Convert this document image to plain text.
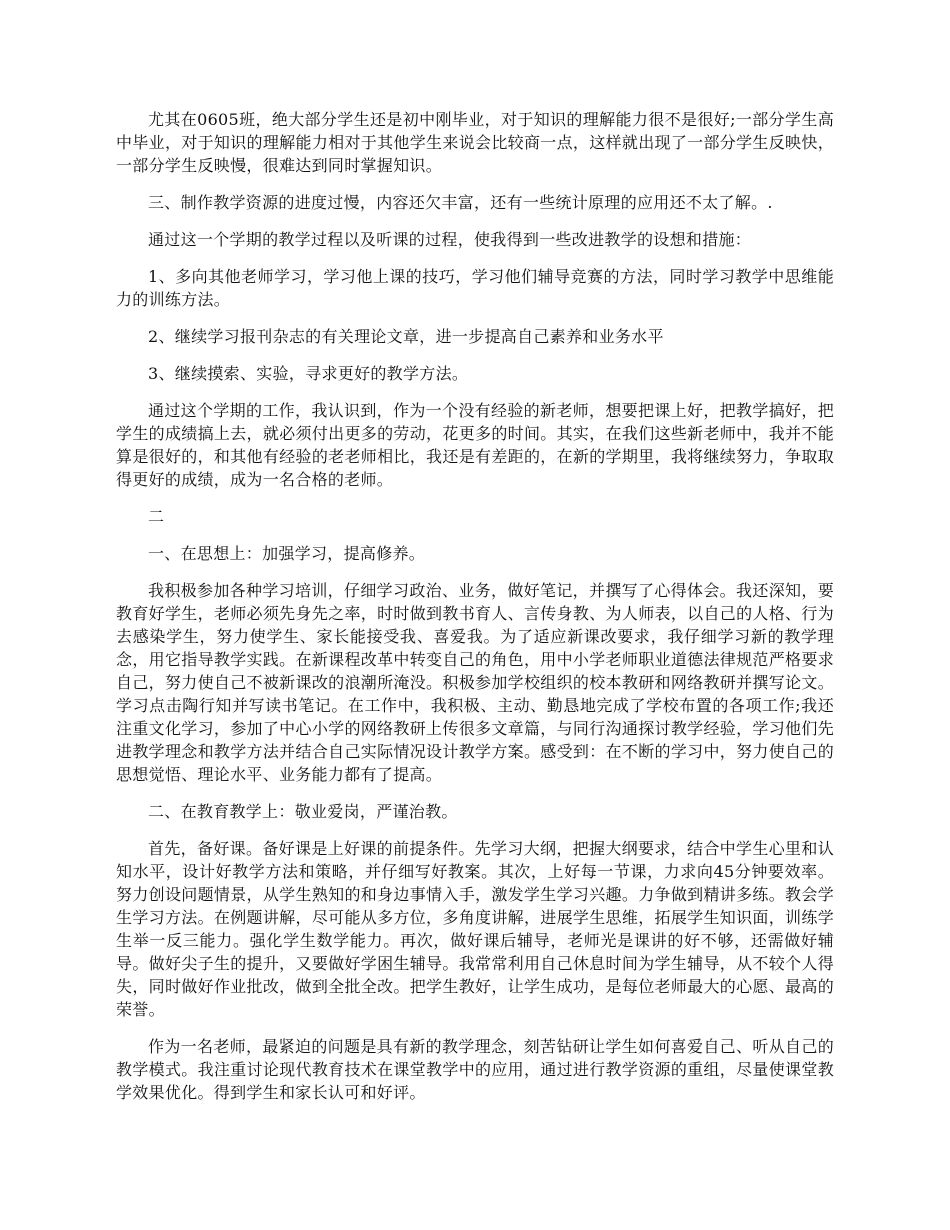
尤其在0605班，绝大部分学生还是初中刚毕业，对于知识的理解能力很不是很好;一部分学生高中毕业，对于知识的理解能力相对于其他学生来说会比较商一点，这样就出现了一部分学生反映快，一部分学生反映慢，很难达到同时掌握知识。

三、制作教学资源的进度过慢，内容还欠丰富，还有一些统计原理的应用还不太了解。.

通过这一个学期的教学过程以及听课的过程，使我得到一些改进教学的设想和措施：

1、多向其他老师学习，学习他上课的技巧，学习他们辅导竞赛的方法，同时学习教学中思维能力的训练方法。

2、继续学习报刊杂志的有关理论文章，进一步提高自己素养和业务水平

3、继续摸索、实验，寻求更好的教学方法。

通过这个学期的工作，我认识到，作为一个没有经验的新老师，想要把课上好，把教学搞好，把学生的成绩搞上去，就必须付出更多的劳动，花更多的时间。其实，在我们这些新老师中，我并不能算是很好的，和其他有经验的老老师相比，我还是有差距的，在新的学期里，我将继续努力，争取取得更好的成绩，成为一名合格的老师。

二

一、在思想上：加强学习，提高修养。

我积极参加各种学习培训，仔细学习政治、业务，做好笔记，并撰写了心得体会。我还深知，要教育好学生，老师必须先身先之率，时时做到教书育人、言传身教、为人师表，以自己的人格、行为去感染学生，努力使学生、家长能接受我、喜爱我。为了适应新课改要求，我仔细学习新的教学理念，用它指导教学实践。在新课程改革中转变自己的角色，用中小学老师职业道德法律规范严格要求自己，努力使自己不被新课改的浪潮所淹没。积极参加学校组织的校本教研和网络教研并撰写论文。学习点击陶行知并写读书笔记。在工作中，我积极、主动、勤恳地完成了学校布置的各项工作;我还注重文化学习，参加了中心小学的网络教研上传很多文章篇，与同行沟通探讨教学经验，学习他们先进教学理念和教学方法并结合自己实际情况设计教学方案。感受到：在不断的学习中，努力使自己的思想觉悟、理论水平、业务能力都有了提高。

二、在教育教学上：敬业爱岗，严谨治教。

首先，备好课。备好课是上好课的前提条件。先学习大纲，把握大纲要求，结合中学生心里和认知水平，设计好教学方法和策略，并仔细写好教案。其次，上好每一节课，力求向45分钟要效率。努力创设问题情景，从学生熟知的和身边事情入手，激发学生学习兴趣。力争做到精讲多练。教会学生学习方法。在例题讲解，尽可能从多方位，多角度讲解，进展学生思维，拓展学生知识面，训练学生举一反三能力。强化学生数学能力。再次，做好课后辅导，老师光是课讲的好不够，还需做好辅导。做好尖子生的提升，又要做好学困生辅导。我常常利用自己休息时间为学生辅导，从不较个人得失，同时做好作业批改，做到全批全改。把学生教好，让学生成功，是每位老师最大的心愿、最高的荣誉。

作为一名老师，最紧迫的问题是具有新的教学理念，刻苦钻研让学生如何喜爱自己、听从自己的教学模式。我注重讨论现代教育技术在课堂教学中的应用，通过进行教学资源的重组，尽量使课堂教学效果优化。得到学生和家长认可和好评。
